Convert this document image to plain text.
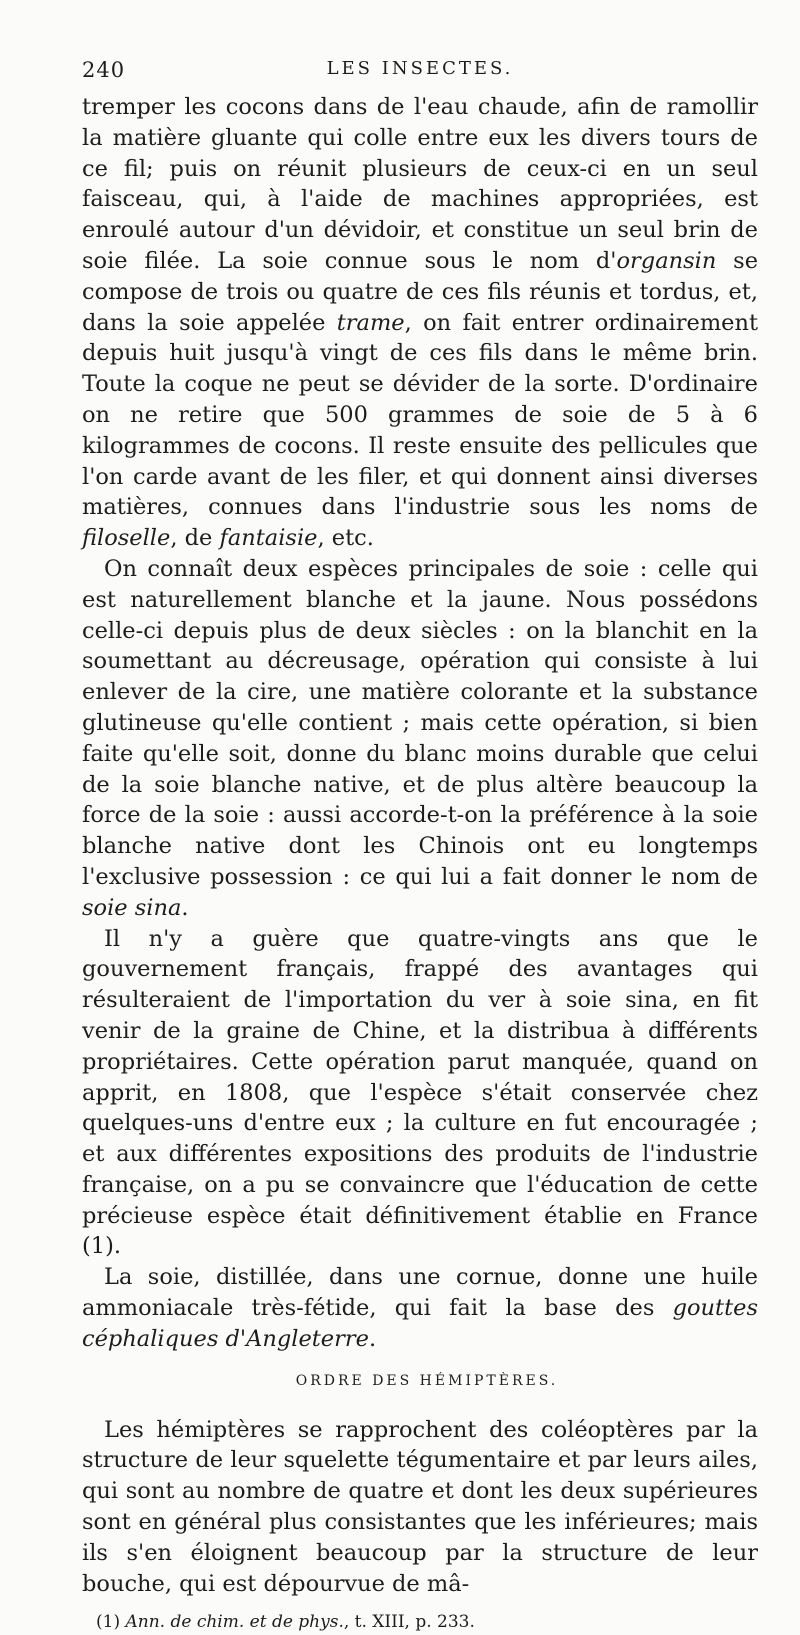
240	LES INSECTES.

tremper les cocons dans de l'eau chaude, afin de ramollir la matière gluante qui colle entre eux les divers tours de ce fil; puis on réunit plusieurs de ceux-ci en un seul faisceau, qui, à l'aide de machines appropriées, est enroulé autour d'un dévidoir, et constitue un seul brin de soie filée. La soie connue sous le nom d'organsin se compose de trois ou quatre de ces fils réunis et tordus, et, dans la soie appelée trame, on fait entrer ordinairement depuis huit jusqu'à vingt de ces fils dans le même brin. Toute la coque ne peut se dévider de la sorte. D'ordinaire on ne retire que 500 grammes de soie de 5 à 6 kilogrammes de cocons. Il reste ensuite des pellicules que l'on carde avant de les filer, et qui donnent ainsi diverses matières, connues dans l'industrie sous les noms de filoselle, de fantaisie, etc.

On connaît deux espèces principales de soie : celle qui est naturellement blanche et la jaune. Nous possédons celle-ci depuis plus de deux siècles : on la blanchit en la soumettant au décreusage, opération qui consiste à lui enlever de la cire, une matière colorante et la substance glutineuse qu'elle contient ; mais cette opération, si bien faite qu'elle soit, donne du blanc moins durable que celui de la soie blanche native, et de plus altère beaucoup la force de la soie : aussi accorde-t-on la préférence à la soie blanche native dont les Chinois ont eu longtemps l'exclusive possession : ce qui lui a fait donner le nom de soie sina.

Il n'y a guère que quatre-vingts ans que le gouvernement français, frappé des avantages qui résulteraient de l'importation du ver à soie sina, en fit venir de la graine de Chine, et la distribua à différents propriétaires. Cette opération parut manquée, quand on apprit, en 1808, que l'espèce s'était conservée chez quelques-uns d'entre eux ; la culture en fut encouragée ; et aux différentes expositions des produits de l'industrie française, on a pu se convaincre que l'éducation de cette précieuse espèce était définitivement établie en France (1).

La soie, distillée, dans une cornue, donne une huile ammoniacale très-fétide, qui fait la base des gouttes céphaliques d'Angleterre.

ORDRE DES HÉMIPTÈRES.

Les hémiptères se rapprochent des coléoptères par la structure de leur squelette tégumentaire et par leurs ailes, qui sont au nombre de quatre et dont les deux supérieures sont en général plus consistantes que les inférieures; mais ils s'en éloignent beaucoup par la structure de leur bouche, qui est dépourvue de mâ-

(1) Ann. de chim. et de phys., t. XIII, p. 233.
